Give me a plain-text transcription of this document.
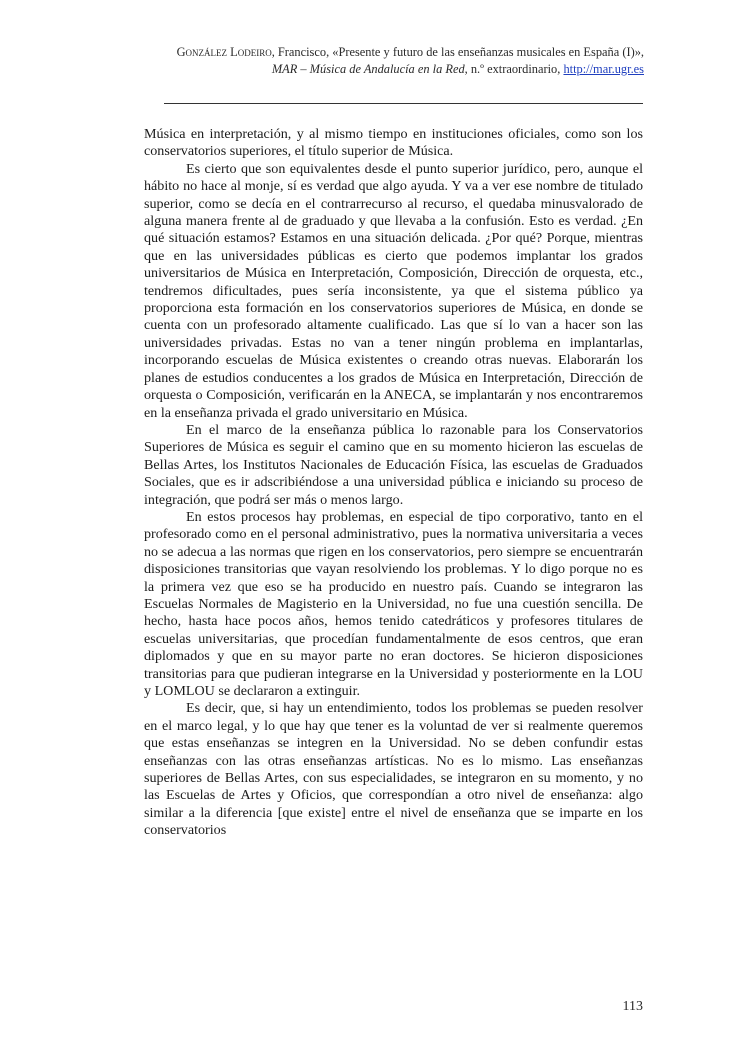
González Lodeiro, Francisco, «Presente y futuro de las enseñanzas musicales en España (I)»,
MAR – Música de Andalucía en la Red, n.º extraordinario, http://mar.ugr.es

Música en interpretación, y al mismo tiempo en instituciones oficiales, como son los conservatorios superiores, el título superior de Música.

Es cierto que son equivalentes desde el punto superior jurídico, pero, aunque el hábito no hace al monje, sí es verdad que algo ayuda. Y va a ver ese nombre de titulado superior, como se decía en el contrarrecurso al recurso, el quedaba minusvalorado de alguna manera frente al de graduado y que llevaba a la confusión. Esto es verdad. ¿En qué situación estamos? Estamos en una situación delicada. ¿Por qué? Porque, mientras que en las universidades públicas es cierto que podemos implantar los grados universitarios de Música en Interpretación, Composición, Dirección de orquesta, etc., tendremos dificultades, pues sería inconsistente, ya que el sistema público ya proporciona esta formación en los conservatorios superiores de Música, en donde se cuenta con un profesorado altamente cualificado. Las que sí lo van a hacer son las universidades privadas. Estas no van a tener ningún problema en implantarlas, incorporando escuelas de Música existentes o creando otras nuevas. Elaborarán los planes de estudios conducentes a los grados de Música en Interpretación, Dirección de orquesta o Composición, verificarán en la ANECA, se implantarán y nos encontraremos en la enseñanza privada el grado universitario en Música.

En el marco de la enseñanza pública lo razonable para los Conservatorios Superiores de Música es seguir el camino que en su momento hicieron las escuelas de Bellas Artes, los Institutos Nacionales de Educación Física, las escuelas de Graduados Sociales, que es ir adscribiéndose a una universidad pública e iniciando su proceso de integración, que podrá ser más o menos largo.

En estos procesos hay problemas, en especial de tipo corporativo, tanto en el profesorado como en el personal administrativo, pues la normativa universitaria a veces no se adecua a las normas que rigen en los conservatorios, pero siempre se encuentrarán disposiciones transitorias que vayan resolviendo los problemas. Y lo digo porque no es la primera vez que eso se ha producido en nuestro país. Cuando se integraron las Escuelas Normales de Magisterio en la Universidad, no fue una cuestión sencilla. De hecho, hasta hace pocos años, hemos tenido catedráticos y profesores titulares de escuelas universitarias, que procedían fundamentalmente de esos centros, que eran diplomados y que en su mayor parte no eran doctores. Se hicieron disposiciones transitorias para que pudieran integrarse en la Universidad y posteriormente en la LOU y LOMLOU se declararon a extinguir.

Es decir, que, si hay un entendimiento, todos los problemas se pueden resolver en el marco legal, y lo que hay que tener es la voluntad de ver si realmente queremos que estas enseñanzas se integren en la Universidad. No se deben confundir estas enseñanzas con las otras enseñanzas artísticas. No es lo mismo. Las enseñanzas superiores de Bellas Artes, con sus especialidades, se integraron en su momento, y no las Escuelas de Artes y Oficios, que correspondían a otro nivel de enseñanza: algo similar a la diferencia [que existe] entre el nivel de enseñanza que se imparte en los conservatorios

113
